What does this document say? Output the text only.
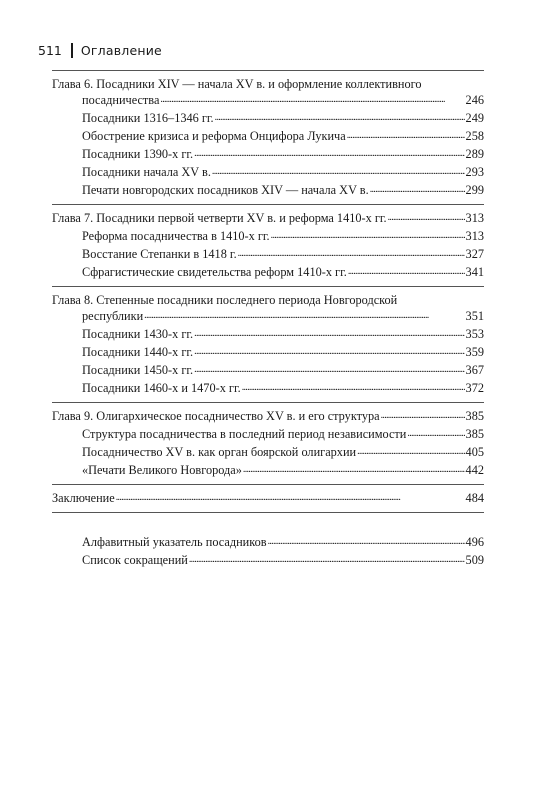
511 Оглавление
Глава 6. Посадники XIV — начала XV в. и оформление коллективного
посадничества . . .	246
Посадники 1316–1346 гг. . . .	249
Обострение кризиса и реформа Онцифора Лукича . . .	258
Посадники 1390-х гг. . . .	289
Посадники начала XV в. . . .	293
Печати новгородских посадников XIV — начала XV в. . . .	299
Глава 7. Посадники первой четверти XV в. и реформа 1410-х гг. . . .	313
Реформа посадничества в 1410-х гг. . . .	313
Восстание Степанки в 1418 г. . . .	327
Сфрагистические свидетельства реформ 1410-х гг. . . .	341
Глава 8. Степенные посадники последнего периода Новгородской
республики . . .	351
Посадники 1430-х гг. . . .	353
Посадники 1440-х гг. . . .	359
Посадники 1450-х гг. . . .	367
Посадники 1460-х и 1470-х гг. . . .	372
Глава 9. Олигархическое посадничество XV в. и его структура . . .	385
Структура посадничества в последний период независимости . . .	385
Посадничество XV в. как орган боярской олигархии . . .	405
«Печати Великого Новгорода» . . .	442
Заключение . . .	484
Алфавитный указатель посадников . . .	496
Список сокращений . . .	509
